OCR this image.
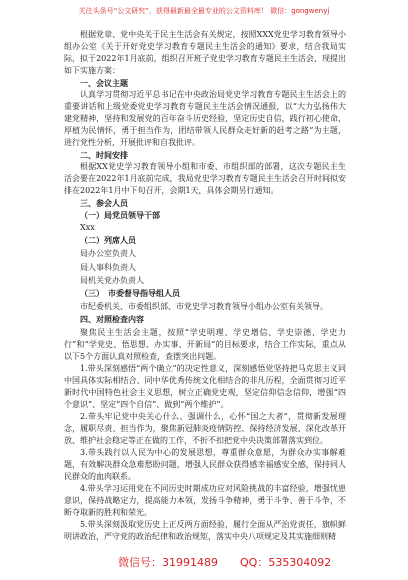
关注头条号“公文研究”，获得最新最全最专业的公文资料库！ 微信：gongwenyj

根据党章、党中央关于民主生活会有关规定，按照XXX党史学习教育领导小组办公室《关于开好党史学习教育专题民主生活会的通知》要求，结合我局实际，拟于2022年1月底前，组织召开班子党史学习教育专题民主生活会，现提出如下实施方案：

一、会议主题

认真学习贯彻习近平总书记在中央政治局党史学习教育专题民主生活会上的重要讲话和上级党委党史学习教育专题民主生活会情况通报，以“大力弘扬伟大建党精神，坚持和发展党的百年奋斗历史经验，坚定历史自信，践行初心使命，厚植为民情怀，勇于担当作为，团结带领人民群众走好新的赶考之路”为主题，进行党性分析，开展批评和自我批评。

二、时间安排

根据XX党史学习教育领导小组和市委、市组织部的部署，这次专题民主生活会要在2022年1月底前完成，我局党史学习教育专题民主生活会召开时间拟安排在2022年1月中下旬召开，会期1天，具体会期另行通知。

三、参会人员

（一）局党员领导干部

Xxx

（二）列席人员

局办公室负责人

局人事科负责人

局机关党办负责人

（三）　市委督导指导组人员

市纪委机关、市委组织部、市党史学习教育领导小组办公室有关领导。

四、对照检查内容

聚焦民主生活会主题，按照“学史明理、学史增信、学史崇德、学史力行”和“学党史、悟思想、办实事、开新局”的目标要求，结合工作实际，重点从以下5个方面认真对照检查，查摆突出问题。

1.带头深刻感悟“两个确立”的决定性意义，深刻感悟党坚持把马克思主义同中国具体实际相结合、同中华优秀传统文化相结合的非凡历程，全面贯彻习近平新时代中国特色社会主义思想，树立正确党史观，坚定信仰信念信仰，增强“四个意识”、坚定“四个自信”、做到“两个维护”。

2.带头牢记党中央关心什么、强调什么，心怀“国之大者”，贯彻新发展理念，履职尽责、担当作为，聚焦新冠肺炎疫情防控、保持经济发展、深化改革开放、维护社会稳定等正在做的工作，不折不扣把党中央决策部署落实到位。

3.带头践行以人民为中心的发展思想，尊重群众意愿，为群众办实事解难题，有效解决群众急难愁盼问题，增强人民群众获得感幸福感安全感，保持同人民群众的血肉联系。

4.带头学习运用党在不同历史时期成功应对风险挑战的丰富经验，增强忧患意识，保持战略定力，提高能力本领，发扬斗争精神，勇于斗争、善于斗争，不断夺取新的胜利和荣光。

5.带头深刻汲取党历史上正反两方面经验，履行全面从严治党责任，旗帜鲜明讲政治，严守党的政治纪律和政治规矩，落实中央八项规定及其实施细则精

微信号：31991489 QQ：535304092
